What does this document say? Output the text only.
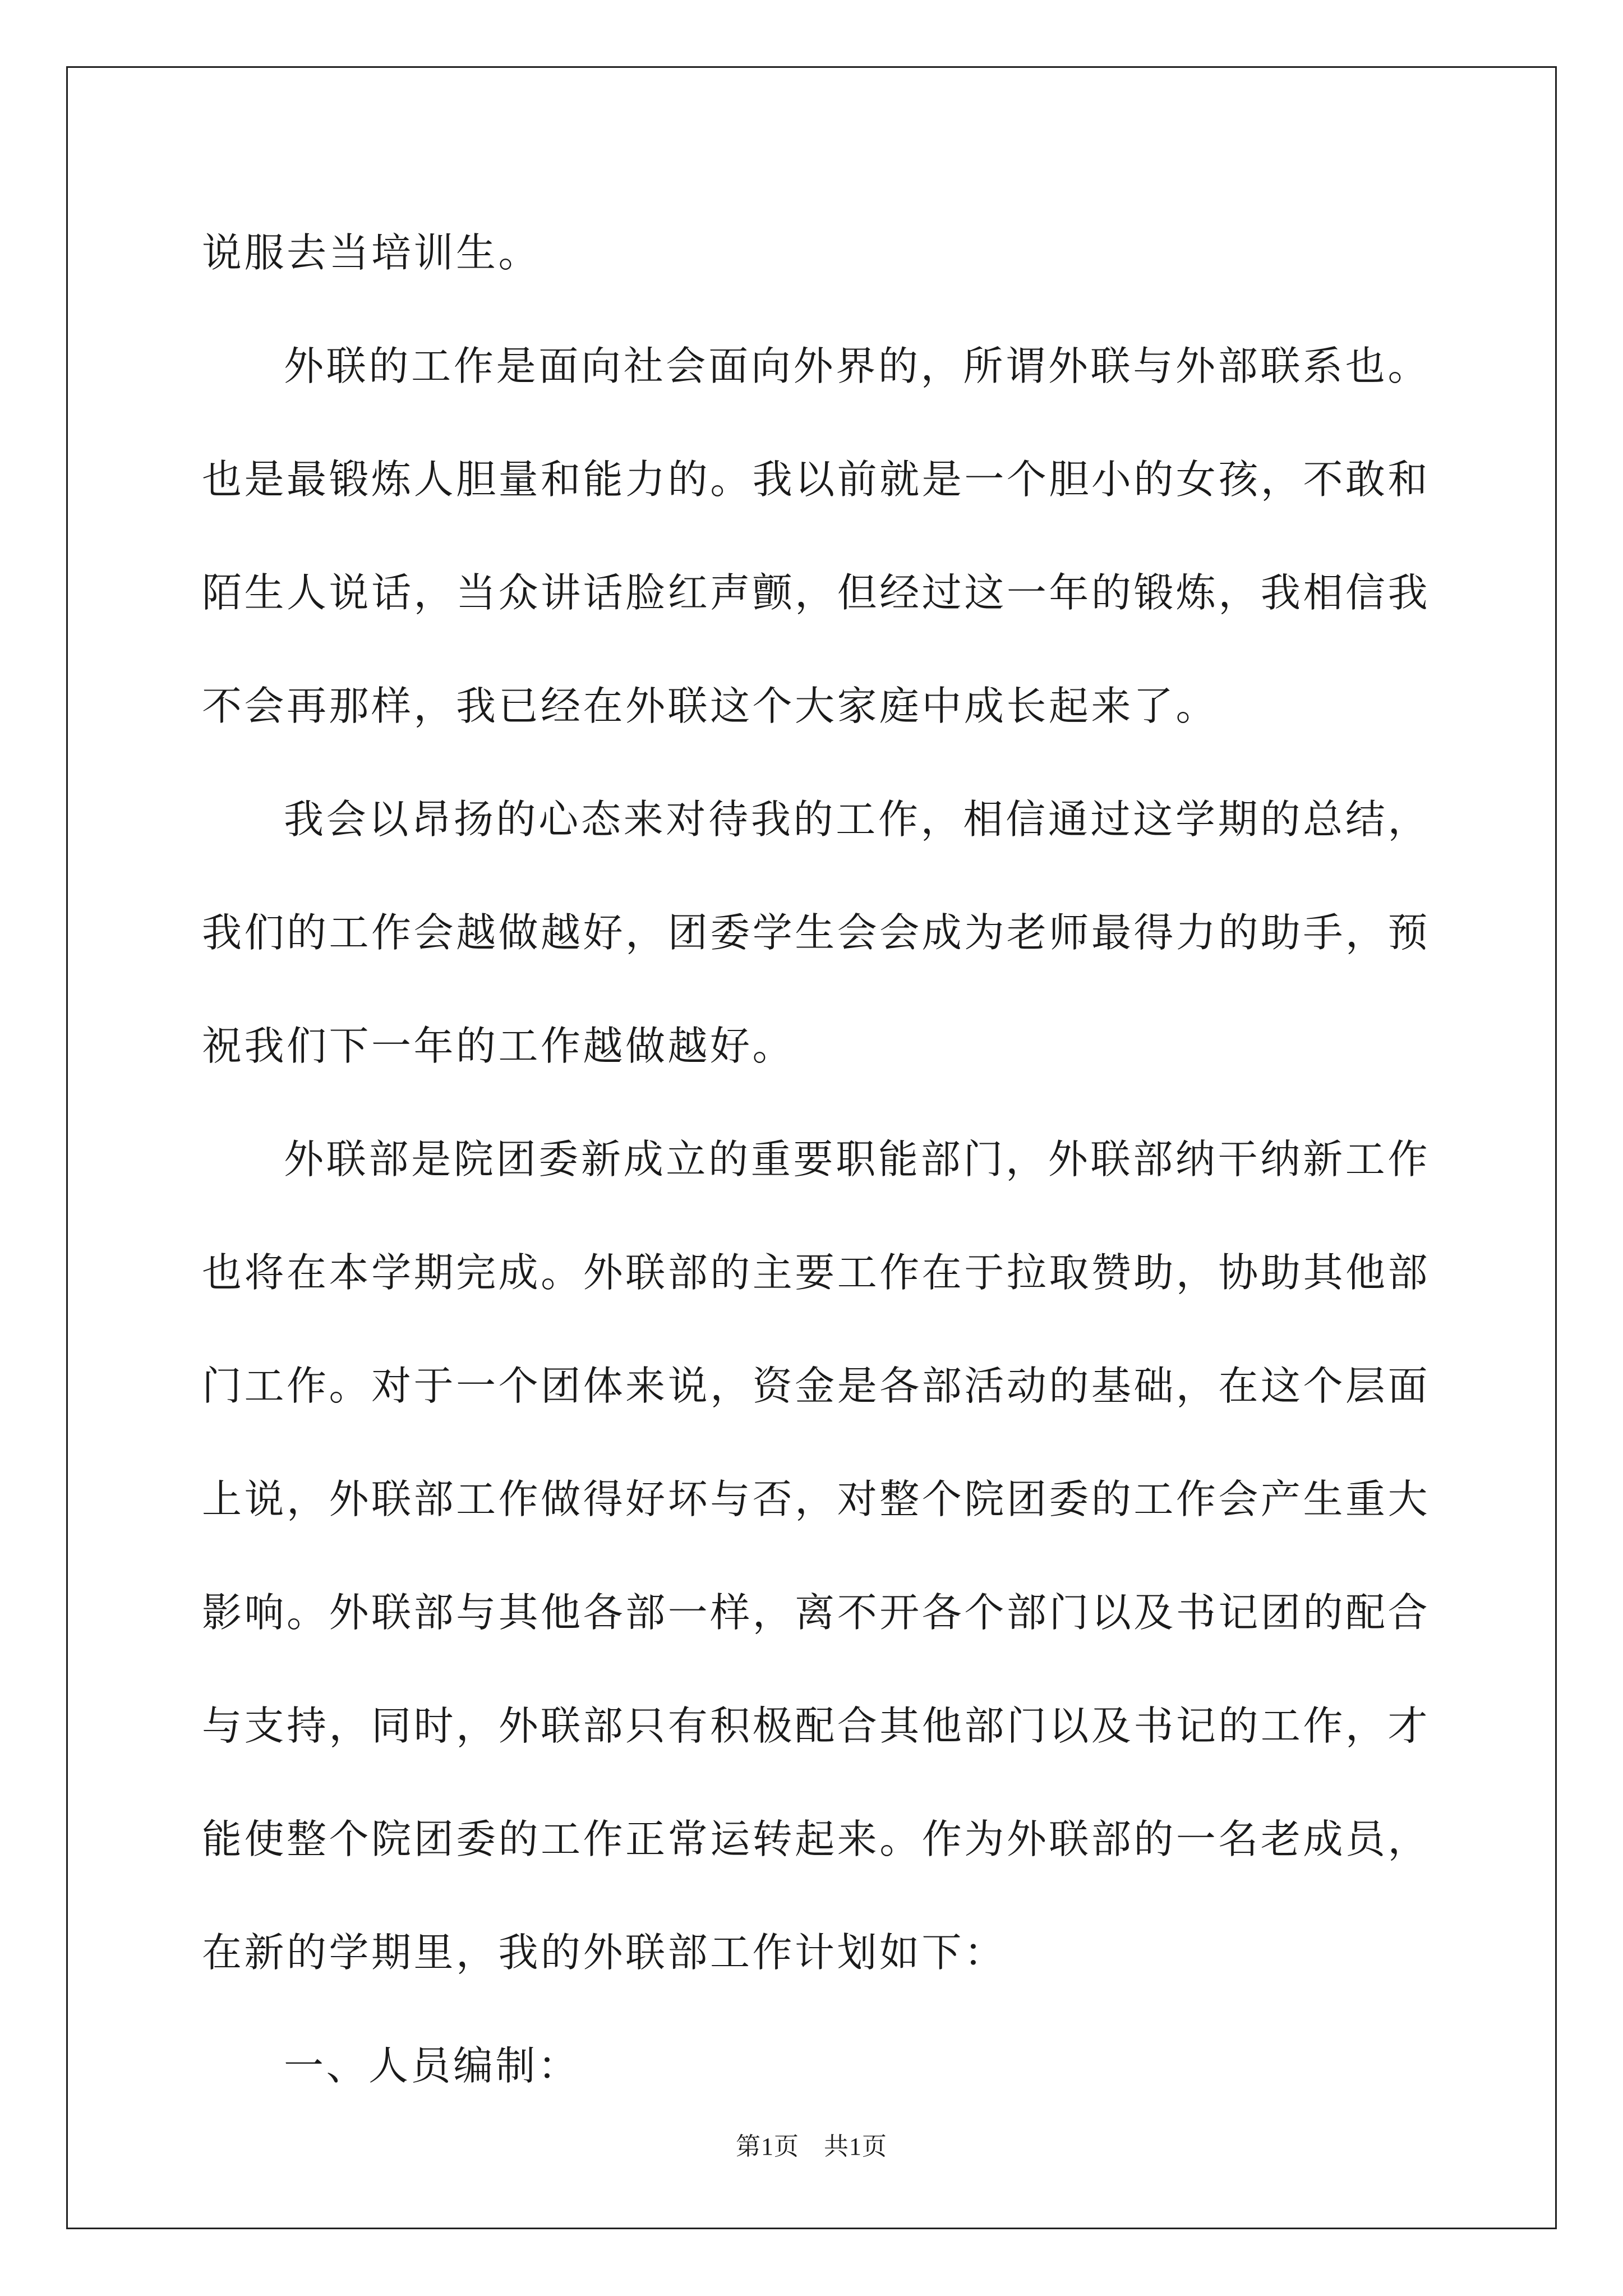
说服去当培训生。

外联的工作是面向社会面向外界的，所谓外联与外部联系也。也是最锻炼人胆量和能力的。我以前就是一个胆小的女孩，不敢和陌生人说话，当众讲话脸红声颤，但经过这一年的锻炼，我相信我不会再那样，我已经在外联这个大家庭中成长起来了。

我会以昂扬的心态来对待我的工作，相信通过这学期的总结，我们的工作会越做越好，团委学生会会成为老师最得力的助手，预祝我们下一年的工作越做越好。

外联部是院团委新成立的重要职能部门，外联部纳干纳新工作也将在本学期完成。外联部的主要工作在于拉取赞助，协助其他部门工作。对于一个团体来说，资金是各部活动的基础，在这个层面上说，外联部工作做得好坏与否，对整个院团委的工作会产生重大影响。外联部与其他各部一样，离不开各个部门以及书记团的配合与支持，同时，外联部只有积极配合其他部门以及书记的工作，才能使整个院团委的工作正常运转起来。作为外联部的一名老成员，在新的学期里，我的外联部工作计划如下：

一、人员编制：

第1页 共1页
